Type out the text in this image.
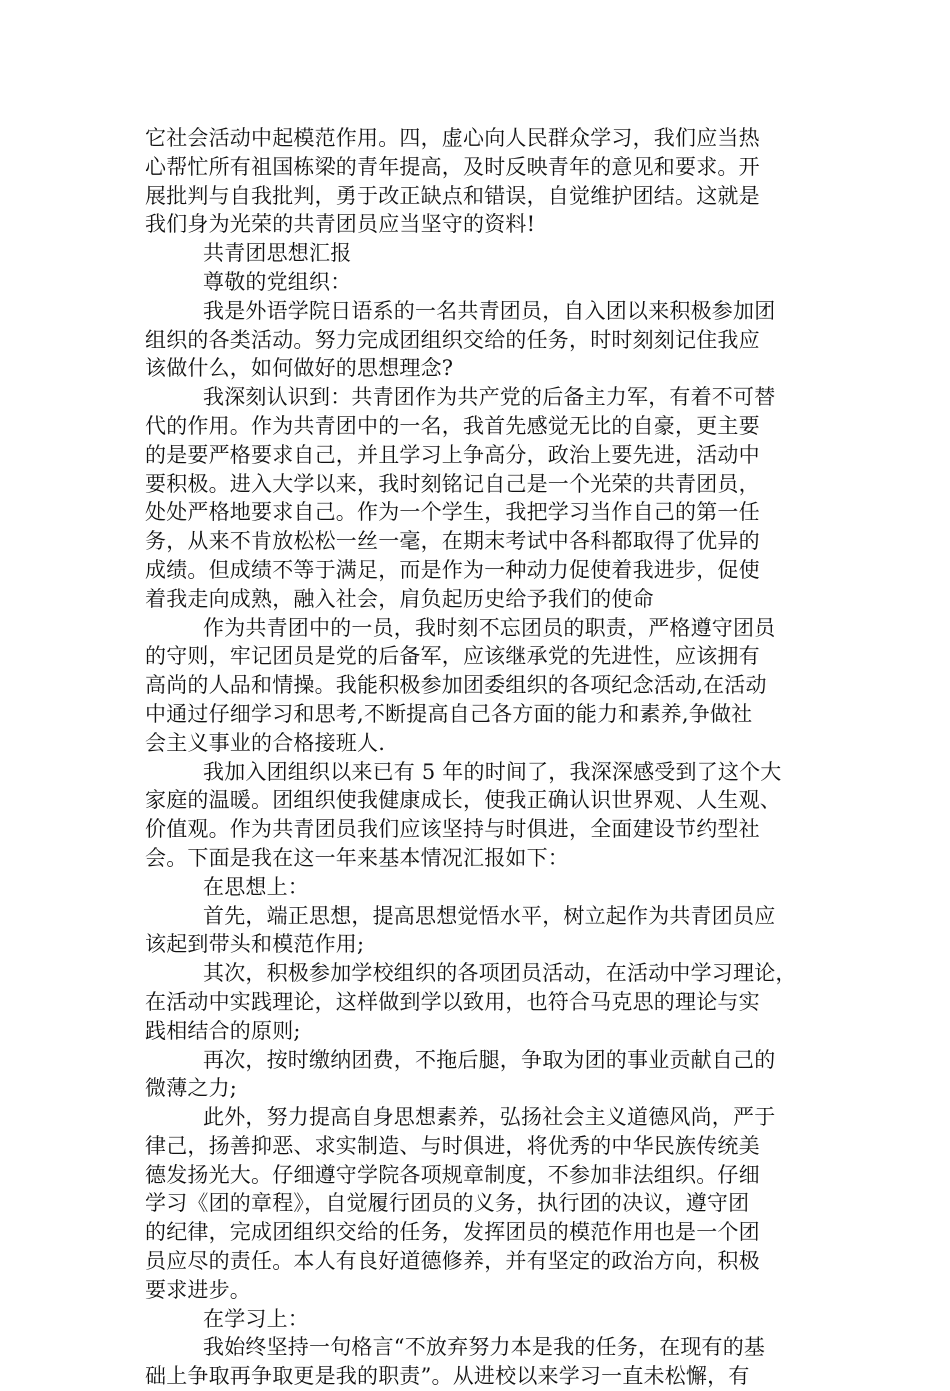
它社会活动中起模范作用。四，虚心向人民群众学习，我们应当热
心帮忙所有祖国栋梁的青年提高，及时反映青年的意见和要求。开
展批判与自我批判，勇于改正缺点和错误，自觉维护团结。这就是
我们身为光荣的共青团员应当坚守的资料!
共青团思想汇报
尊敬的党组织：
我是外语学院日语系的一名共青团员，自入团以来积极参加团
组织的各类活动。努力完成团组织交给的任务，时时刻刻记住我应
该做什么，如何做好的思想理念?
我深刻认识到：共青团作为共产党的后备主力军，有着不可替
代的作用。作为共青团中的一名，我首先感觉无比的自豪，更主要
的是要严格要求自己，并且学习上争高分，政治上要先进，活动中
要积极。进入大学以来，我时刻铭记自己是一个光荣的共青团员，
处处严格地要求自己。作为一个学生，我把学习当作自己的第一任
务，从来不肯放松松一丝一毫，在期末考试中各科都取得了优异的
成绩。但成绩不等于满足，而是作为一种动力促使着我进步，促使
着我走向成熟，融入社会，肩负起历史给予我们的使命
作为共青团中的一员，我时刻不忘团员的职责，严格遵守团员
的守则，牢记团员是党的后备军，应该继承党的先进性，应该拥有
高尚的人品和情操。我能积极参加团委组织的各项纪念活动,在活动
中通过仔细学习和思考,不断提高自己各方面的能力和素养,争做社
会主义事业的合格接班人.
我加入团组织以来已有 5 年的时间了，我深深感受到了这个大
家庭的温暖。团组织使我健康成长，使我正确认识世界观、人生观、
价值观。作为共青团员我们应该坚持与时俱进，全面建设节约型社
会。下面是我在这一年来基本情况汇报如下：
在思想上：
首先，端正思想，提高思想觉悟水平，树立起作为共青团员应
该起到带头和模范作用;
其次，积极参加学校组织的各项团员活动，在活动中学习理论，
在活动中实践理论，这样做到学以致用，也符合马克思的理论与实
践相结合的原则;
再次，按时缴纳团费，不拖后腿，争取为团的事业贡献自己的
微薄之力;
此外，努力提高自身思想素养，弘扬社会主义道德风尚，严于
律己，扬善抑恶、求实制造、与时俱进，将优秀的中华民族传统美
德发扬光大。仔细遵守学院各项规章制度，不参加非法组织。仔细
学习《团的章程》，自觉履行团员的义务，执行团的决议，遵守团
的纪律，完成团组织交给的任务，发挥团员的模范作用也是一个团
员应尽的责任。本人有良好道德修养，并有坚定的政治方向，积极
要求进步。
在学习上：
我始终坚持一句格言“不放弃努力本是我的任务，在现有的基
础上争取再争取更是我的职责”。从进校以来学习一直未松懈，有
